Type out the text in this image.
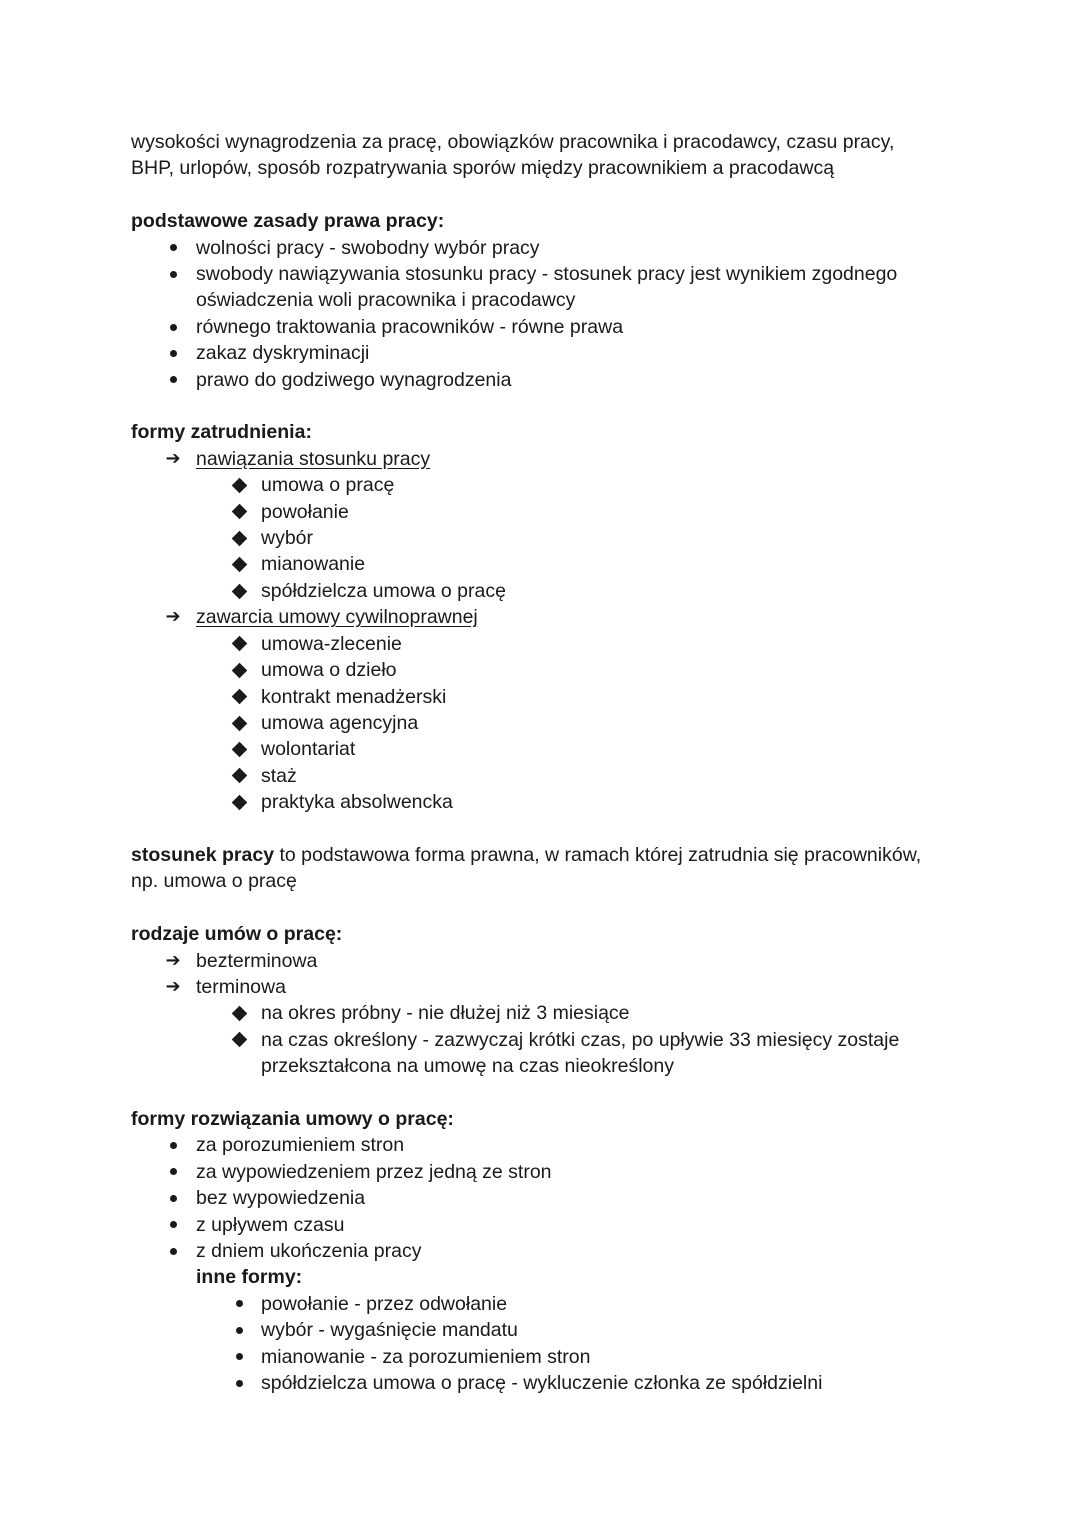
wysokości wynagrodzenia za pracę, obowiązków pracownika i pracodawcy, czasu pracy,

BHP, urlopów, sposób rozpatrywania sporów między pracownikiem a pracodawcą

podstawowe zasady prawa pracy:

wolności pracy - swobodny wybór pracy
swobody nawiązywania stosunku pracy - stosunek pracy jest wynikiem zgodnego
oświadczenia woli pracownika i pracodawcy
równego traktowania pracowników - równe prawa
zakaz dyskryminacji
prawo do godziwego wynagrodzenia

formy zatrudnienia:

➔ nawiązania stosunku pracy
umowa o pracę
powołanie
wybór
mianowanie
spółdzielcza umowa o pracę
➔ zawarcia umowy cywilnoprawnej
umowa-zlecenie
umowa o dzieło
kontrakt menadżerski
umowa agencyjna
wolontariat
staż
praktyka absolwencka

stosunek pracy to podstawowa forma prawna, w ramach której zatrudnia się pracowników,

np. umowa o pracę

rodzaje umów o pracę:

➔ bezterminowa
➔ terminowa
na okres próbny - nie dłużej niż 3 miesiące
na czas określony - zazwyczaj krótki czas, po upływie 33 miesięcy zostaje
przekształcona na umowę na czas nieokreślony

formy rozwiązania umowy o pracę:

za porozumieniem stron
za wypowiedzeniem przez jedną ze stron
bez wypowiedzenia
z upływem czasu
z dniem ukończenia pracy

inne formy:

powołanie - przez odwołanie
wybór - wygaśnięcie mandatu
mianowanie - za porozumieniem stron
spółdzielcza umowa o pracę - wykluczenie członka ze spółdzielni
